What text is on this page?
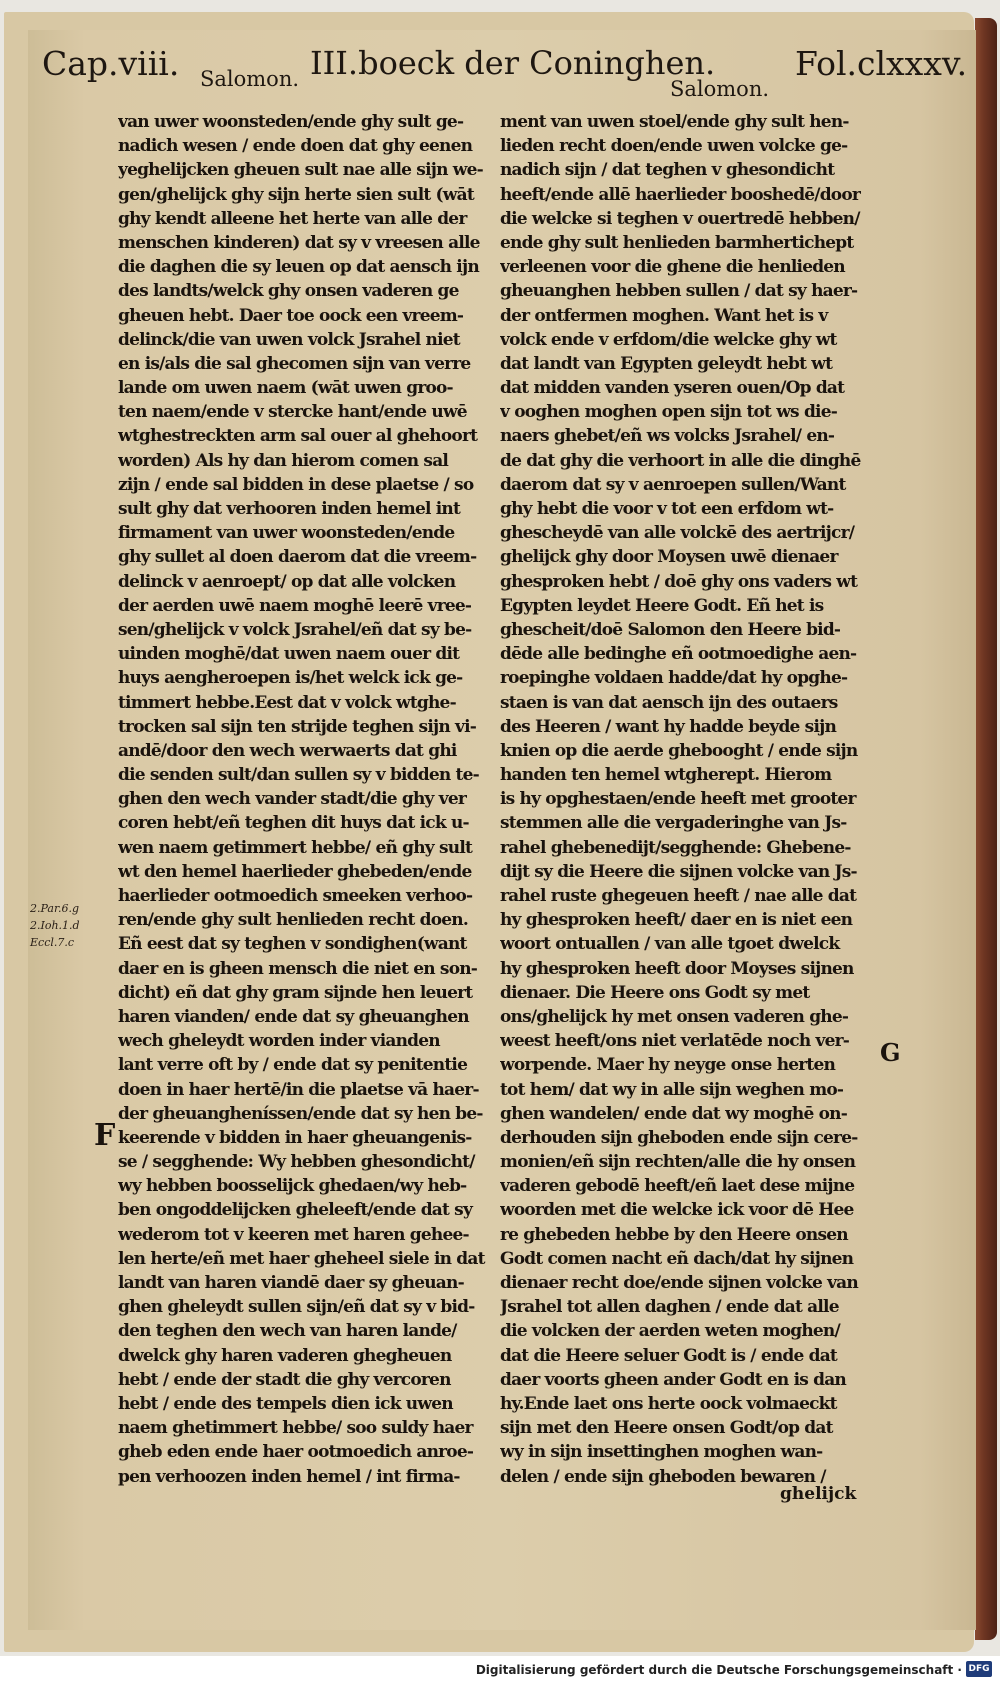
Cap.viii. Salomon. III.boeck der Coninghen.
Salomon.
Fol.clxxxv.
van uwer woonsteden/ende ghy sult ge-
nadich wesen / ende doen dat ghy eenen
yeghelijcken gheuen sult nae alle sijn we-
gen/ghelijck ghy sijn herte sien sult (wāt
ghy kendt alleene het herte van alle der
menschen kinderen) dat sy v vreesen alle
die daghen die sy leuen op dat aensch ijn
des landts/welck ghy onsen vaderen ge
gheuen hebt. Daer toe oock een vreem-
delinck/die van uwen volck Jsrahel niet
en is/als die sal ghecomen sijn van verre
lande om uwen naem (wāt uwen groo-
ten naem/ende v stercke hant/ende uwē
wtghestreckten arm sal ouer al ghehoort
worden) Als hy dan hierom comen sal
zijn / ende sal bidden in dese plaetse / so
sult ghy dat verhooren inden hemel int
firmament van uwer woonsteden/ende
ghy sullet al doen daerom dat die vreem-
delinck v aenroept/ op dat alle volcken
der aerden uwē naem moghē leerē vree-
sen/ghelijck v volck Jsrahel/eñ dat sy be-
uinden moghē/dat uwen naem ouer dit
huys aengheroepen is/het welck ick ge-
timmert hebbe.Eest dat v volck wtghe-
trocken sal sijn ten strijde teghen sijn vi-
andē/door den wech werwaerts dat ghi
die senden sult/dan sullen sy v bidden te-
ghen den wech vander stadt/die ghy ver
coren hebt/eñ teghen dit huys dat ick u-
wen naem getimmert hebbe/ eñ ghy sult
wt den hemel haerlieder ghebeden/ende
haerlieder ootmoedich smeeken verhoo-
ren/ende ghy sult henlieden recht doen.
Eñ eest dat sy teghen v sondighen(want
daer en is gheen mensch die niet en son-
dicht) eñ dat ghy gram sijnde hen leuert
haren vianden/ ende dat sy gheuanghen
wech gheleydt worden inder vianden
lant verre oft by / ende dat sy penitentie
doen in haer hertē/in die plaetse vā haer-
der gheuangheníssen/ende dat sy hen be-
keerende v bidden in haer gheuangenis-
se / segghende: Wy hebben ghesondicht/
wy hebben boosselijck ghedaen/wy heb-
ben ongoddelijcken gheleeft/ende dat sy
wederom tot v keeren met haren gehee-
len herte/eñ met haer gheheel siele in dat
landt van haren viandē daer sy gheuan-
ghen gheleydt sullen sijn/eñ dat sy v bid-
den teghen den wech van haren lande/
dwelck ghy haren vaderen ghegheuen
hebt / ende der stadt die ghy vercoren
hebt / ende des tempels dien ick uwen
naem ghetimmert hebbe/ soo suldy haer
gheb eden ende haer ootmoedich anroe-
pen verhoozen inden hemel / int firma-
ment van uwen stoel/ende ghy sult hen-
lieden recht doen/ende uwen volcke ge-
nadich sijn / dat teghen v ghesondicht
heeft/ende allē haerlieder booshedē/door
die welcke si teghen v ouertredē hebben/
ende ghy sult henlieden barmhertichept
verleenen voor die ghene die henlieden
gheuanghen hebben sullen / dat sy haer-
der ontfermen moghen. Want het is v
volck ende v erfdom/die welcke ghy wt
dat landt van Egypten geleydt hebt wt
dat midden vanden yseren ouen/Op dat
v ooghen moghen open sijn tot ws die-
naers ghebet/eñ ws volcks Jsrahel/ en-
de dat ghy die verhoort in alle die dinghē
daerom dat sy v aenroepen sullen/Want
ghy hebt die voor v tot een erfdom wt-
ghescheydē van alle volckē des aertrijcr/
ghelijck ghy door Moysen uwē dienaer
ghesproken hebt / doē ghy ons vaders wt
Egypten leydet Heere Godt. Eñ het is
ghescheit/doē Salomon den Heere bid-
dēde alle bedinghe eñ ootmoedighe aen-
roepinghe voldaen hadde/dat hy opghe-
staen is van dat aensch ijn des outaers
des Heeren / want hy hadde beyde sijn
knien op die aerde ghebooght / ende sijn
handen ten hemel wtgherept. Hierom
is hy opghestaen/ende heeft met grooter
stemmen alle die vergaderinghe van Js-
rahel ghebenedijt/segghende: Ghebene-
dijt sy die Heere die sijnen volcke van Js-
rahel ruste ghegeuen heeft / nae alle dat
hy ghesproken heeft/ daer en is niet een
woort ontuallen / van alle tgoet dwelck
hy ghesproken heeft door Moyses sijnen
dienaer. Die Heere ons Godt sy met
ons/ghelijck hy met onsen vaderen ghe-
weest heeft/ons niet verlatēde noch ver-
worpende. Maer hy neyge onse herten
tot hem/ dat wy in alle sijn weghen mo-
ghen wandelen/ ende dat wy moghē on-
derhouden sijn gheboden ende sijn cere-
monien/eñ sijn rechten/alle die hy onsen
vaderen gebodē heeft/eñ laet dese mijne
woorden met die welcke ick voor dē Hee
re ghebeden hebbe by den Heere onsen
Godt comen nacht eñ dach/dat hy sijnen
dienaer recht doe/ende sijnen volcke van
Jsrahel tot allen daghen / ende dat alle
die volcken der aerden weten moghen/
dat die Heere seluer Godt is / ende dat
daer voorts gheen ander Godt en is dan
hy.Ende laet ons herte oock volmaeckt
sijn met den Heere onsen Godt/op dat
wy in sijn insettinghen moghen wan-
delen / ende sijn gheboden bewaren /
2.Par.6.g
2.Ioh.1.d
Eccl.7.c
F
G
ghelijck
Digitalisierung gefördert durch die Deutsche Forschungsgemeinschaft · DFG
